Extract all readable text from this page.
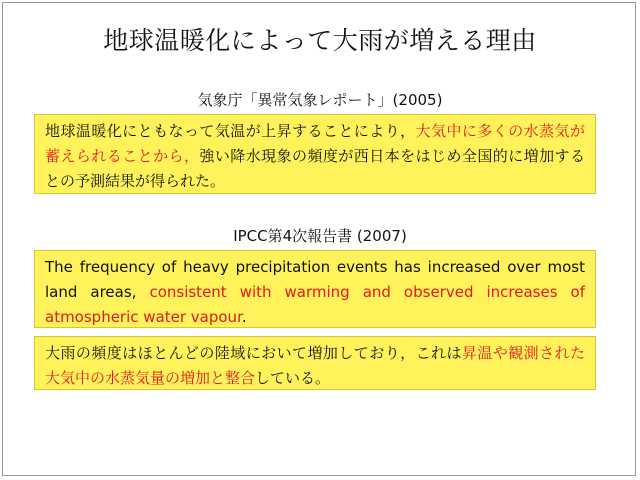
地球温暖化によって大雨が増える理由
気象庁「異常気象レポート」(2005)
地球温暖化にともなって気温が上昇することにより，大気中に多くの水蒸気が蓄えられることから，強い降水現象の頻度が西日本をはじめ全国的に増加するとの予測結果が得られた。
IPCC第4次報告書 (2007)
The frequency of heavy precipitation events has increased over most land areas, consistent with warming and observed increases of atmospheric water vapour.
大雨の頻度はほとんどの陸域において増加しており，これは昇温や観測された大気中の水蒸気量の増加と整合している。
